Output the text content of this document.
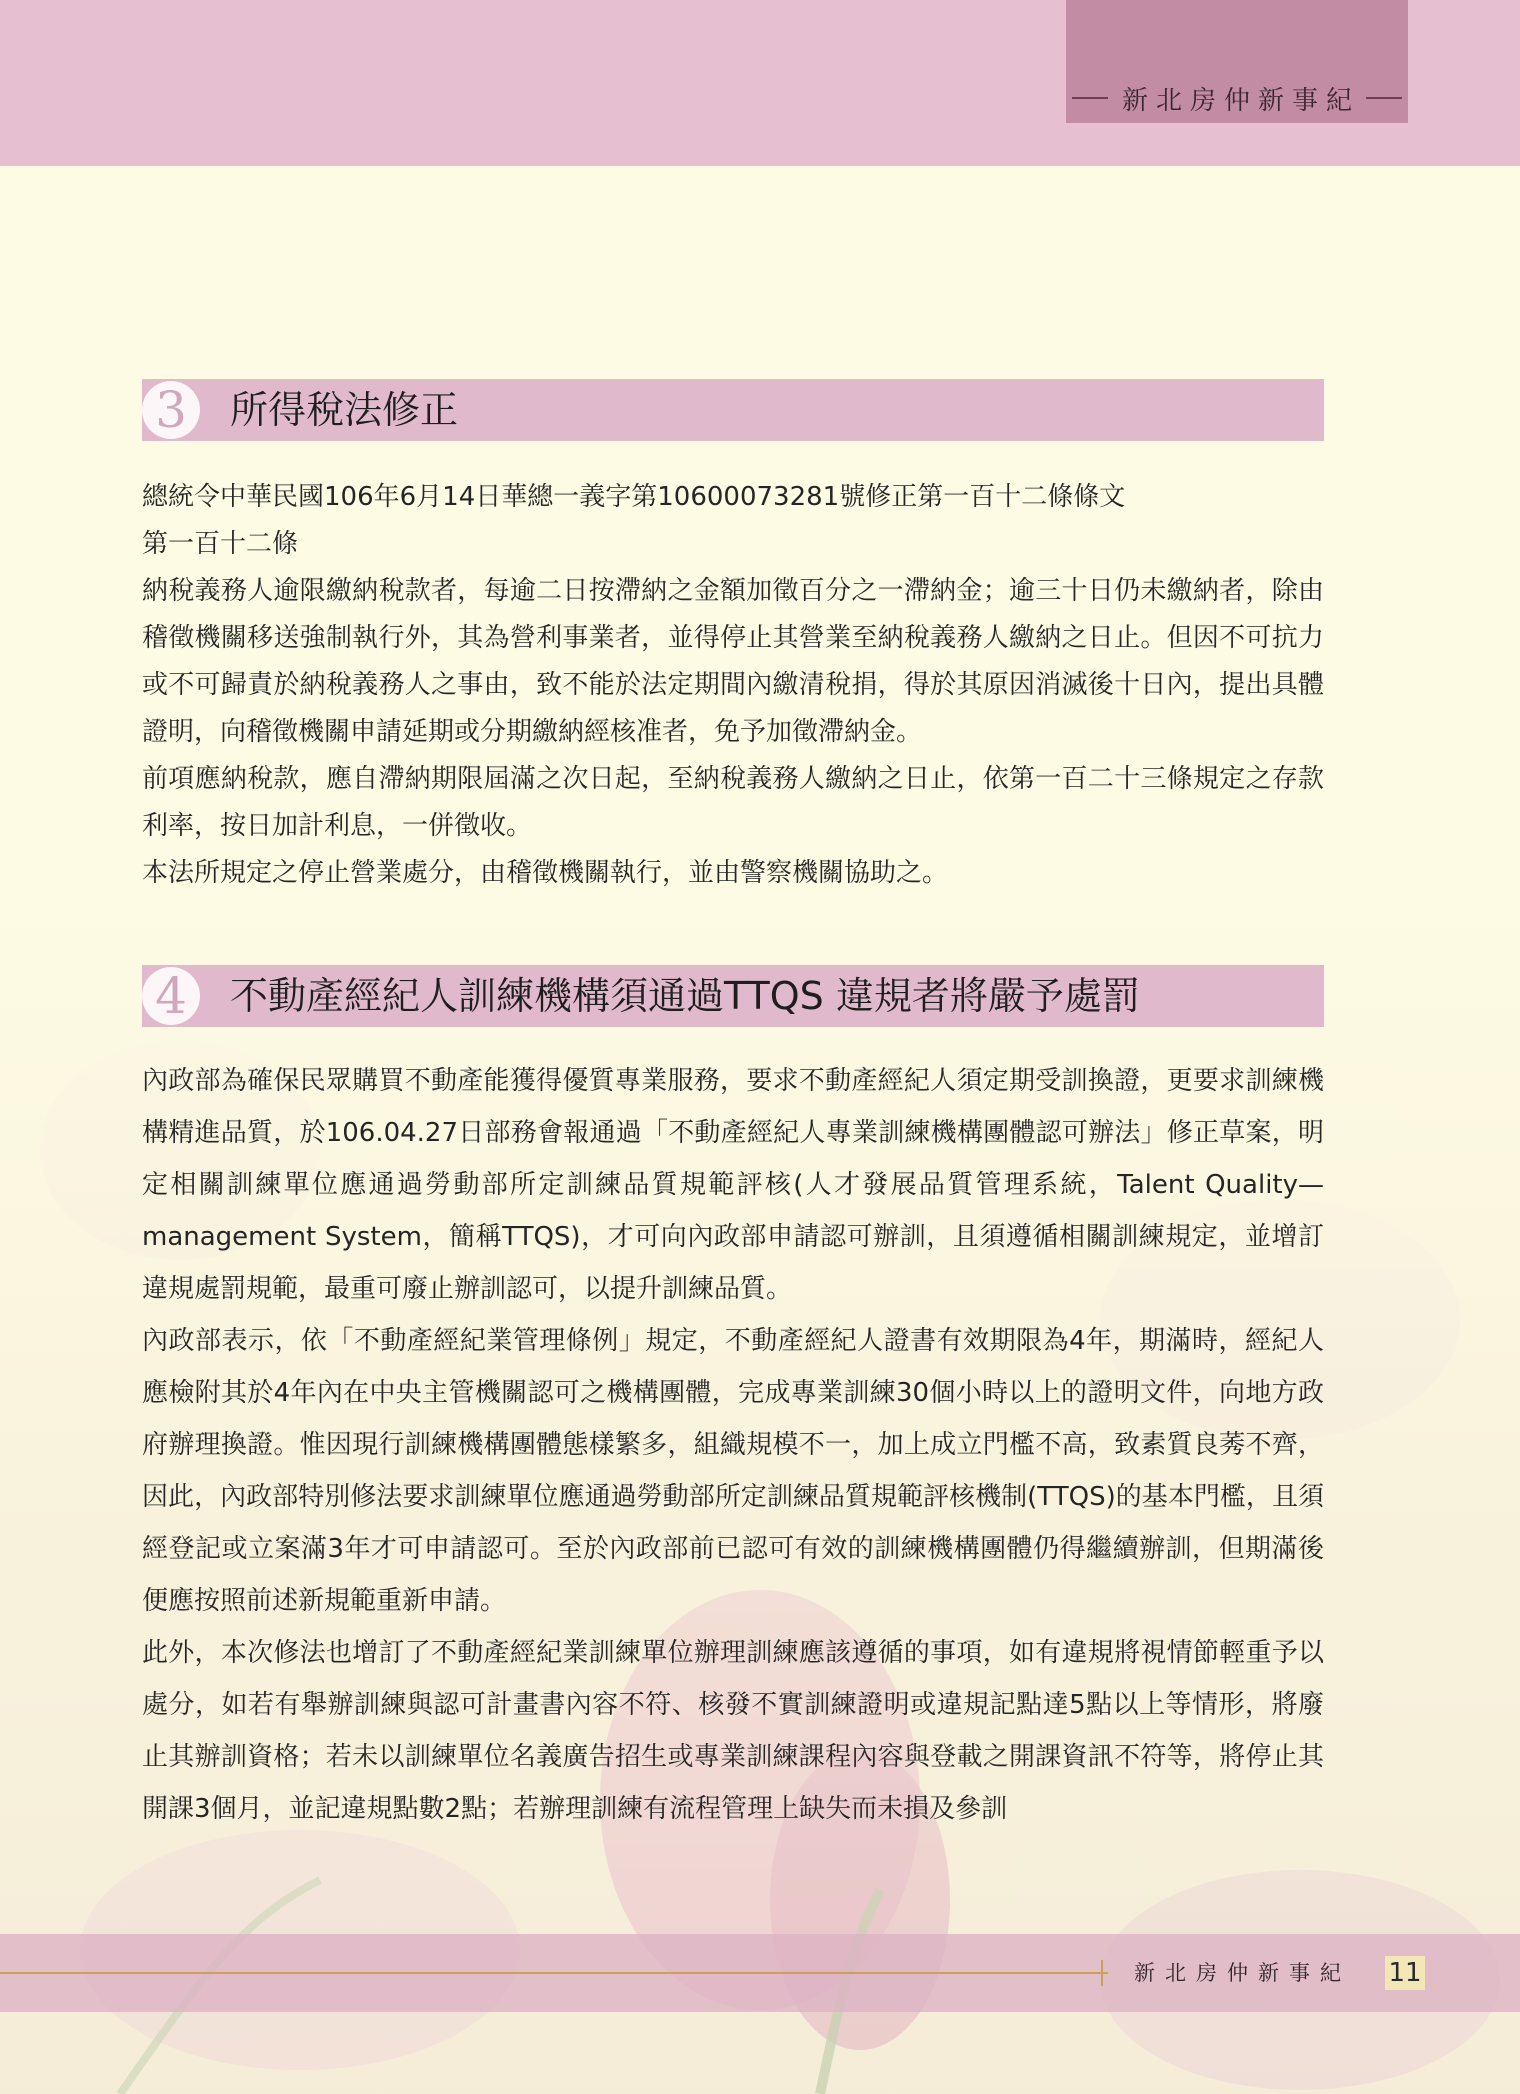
新北房仲新事紀
3	所得稅法修正

總統令中華民國106年6月14日華總一義字第10600073281號修正第一百十二條條文

第一百十二條

納稅義務人逾限繳納稅款者，每逾二日按滯納之金額加徵百分之一滯納金；逾三十日仍未繳納者，除由稽徵機關移送強制執行外，其為營利事業者，並得停止其營業至納稅義務人繳納之日止。但因不可抗力或不可歸責於納稅義務人之事由，致不能於法定期間內繳清稅捐，得於其原因消滅後十日內，提出具體證明，向稽徵機關申請延期或分期繳納經核准者，免予加徵滯納金。

前項應納稅款，應自滯納期限屆滿之次日起，至納稅義務人繳納之日止，依第一百二十三條規定之存款利率，按日加計利息，一併徵收。

本法所規定之停止營業處分，由稽徵機關執行，並由警察機關協助之。

4	不動產經紀人訓練機構須通過TTQS 違規者將嚴予處罰

內政部為確保民眾購買不動產能獲得優質專業服務，要求不動產經紀人須定期受訓換證，更要求訓練機構精進品質，於106.04.27日部務會報通過「不動產經紀人專業訓練機構團體認可辦法」修正草案，明定相關訓練單位應通過勞動部所定訓練品質規範評核(人才發展品質管理系統，Talent Quality—management System，簡稱TTQS)，才可向內政部申請認可辦訓，且須遵循相關訓練規定，並增訂違規處罰規範，最重可廢止辦訓認可，以提升訓練品質。

內政部表示，依「不動產經紀業管理條例」規定，不動產經紀人證書有效期限為4年，期滿時，經紀人應檢附其於4年內在中央主管機關認可之機構團體，完成專業訓練30個小時以上的證明文件，向地方政府辦理換證。惟因現行訓練機構團體態樣繁多，組織規模不一，加上成立門檻不高，致素質良莠不齊，因此，內政部特別修法要求訓練單位應通過勞動部所定訓練品質規範評核機制(TTQS)的基本門檻，且須經登記或立案滿3年才可申請認可。至於內政部前已認可有效的訓練機構團體仍得繼續辦訓，但期滿後便應按照前述新規範重新申請。

此外，本次修法也增訂了不動產經紀業訓練單位辦理訓練應該遵循的事項，如有違規將視情節輕重予以處分，如若有舉辦訓練與認可計畫書內容不符、核發不實訓練證明或違規記點達5點以上等情形，將廢止其辦訓資格；若未以訓練單位名義廣告招生或專業訓練課程內容與登載之開課資訊不符等，將停止其開課3個月，並記違規點數2點；若辦理訓練有流程管理上缺失而未損及參訓

新北房仲新事紀 11
